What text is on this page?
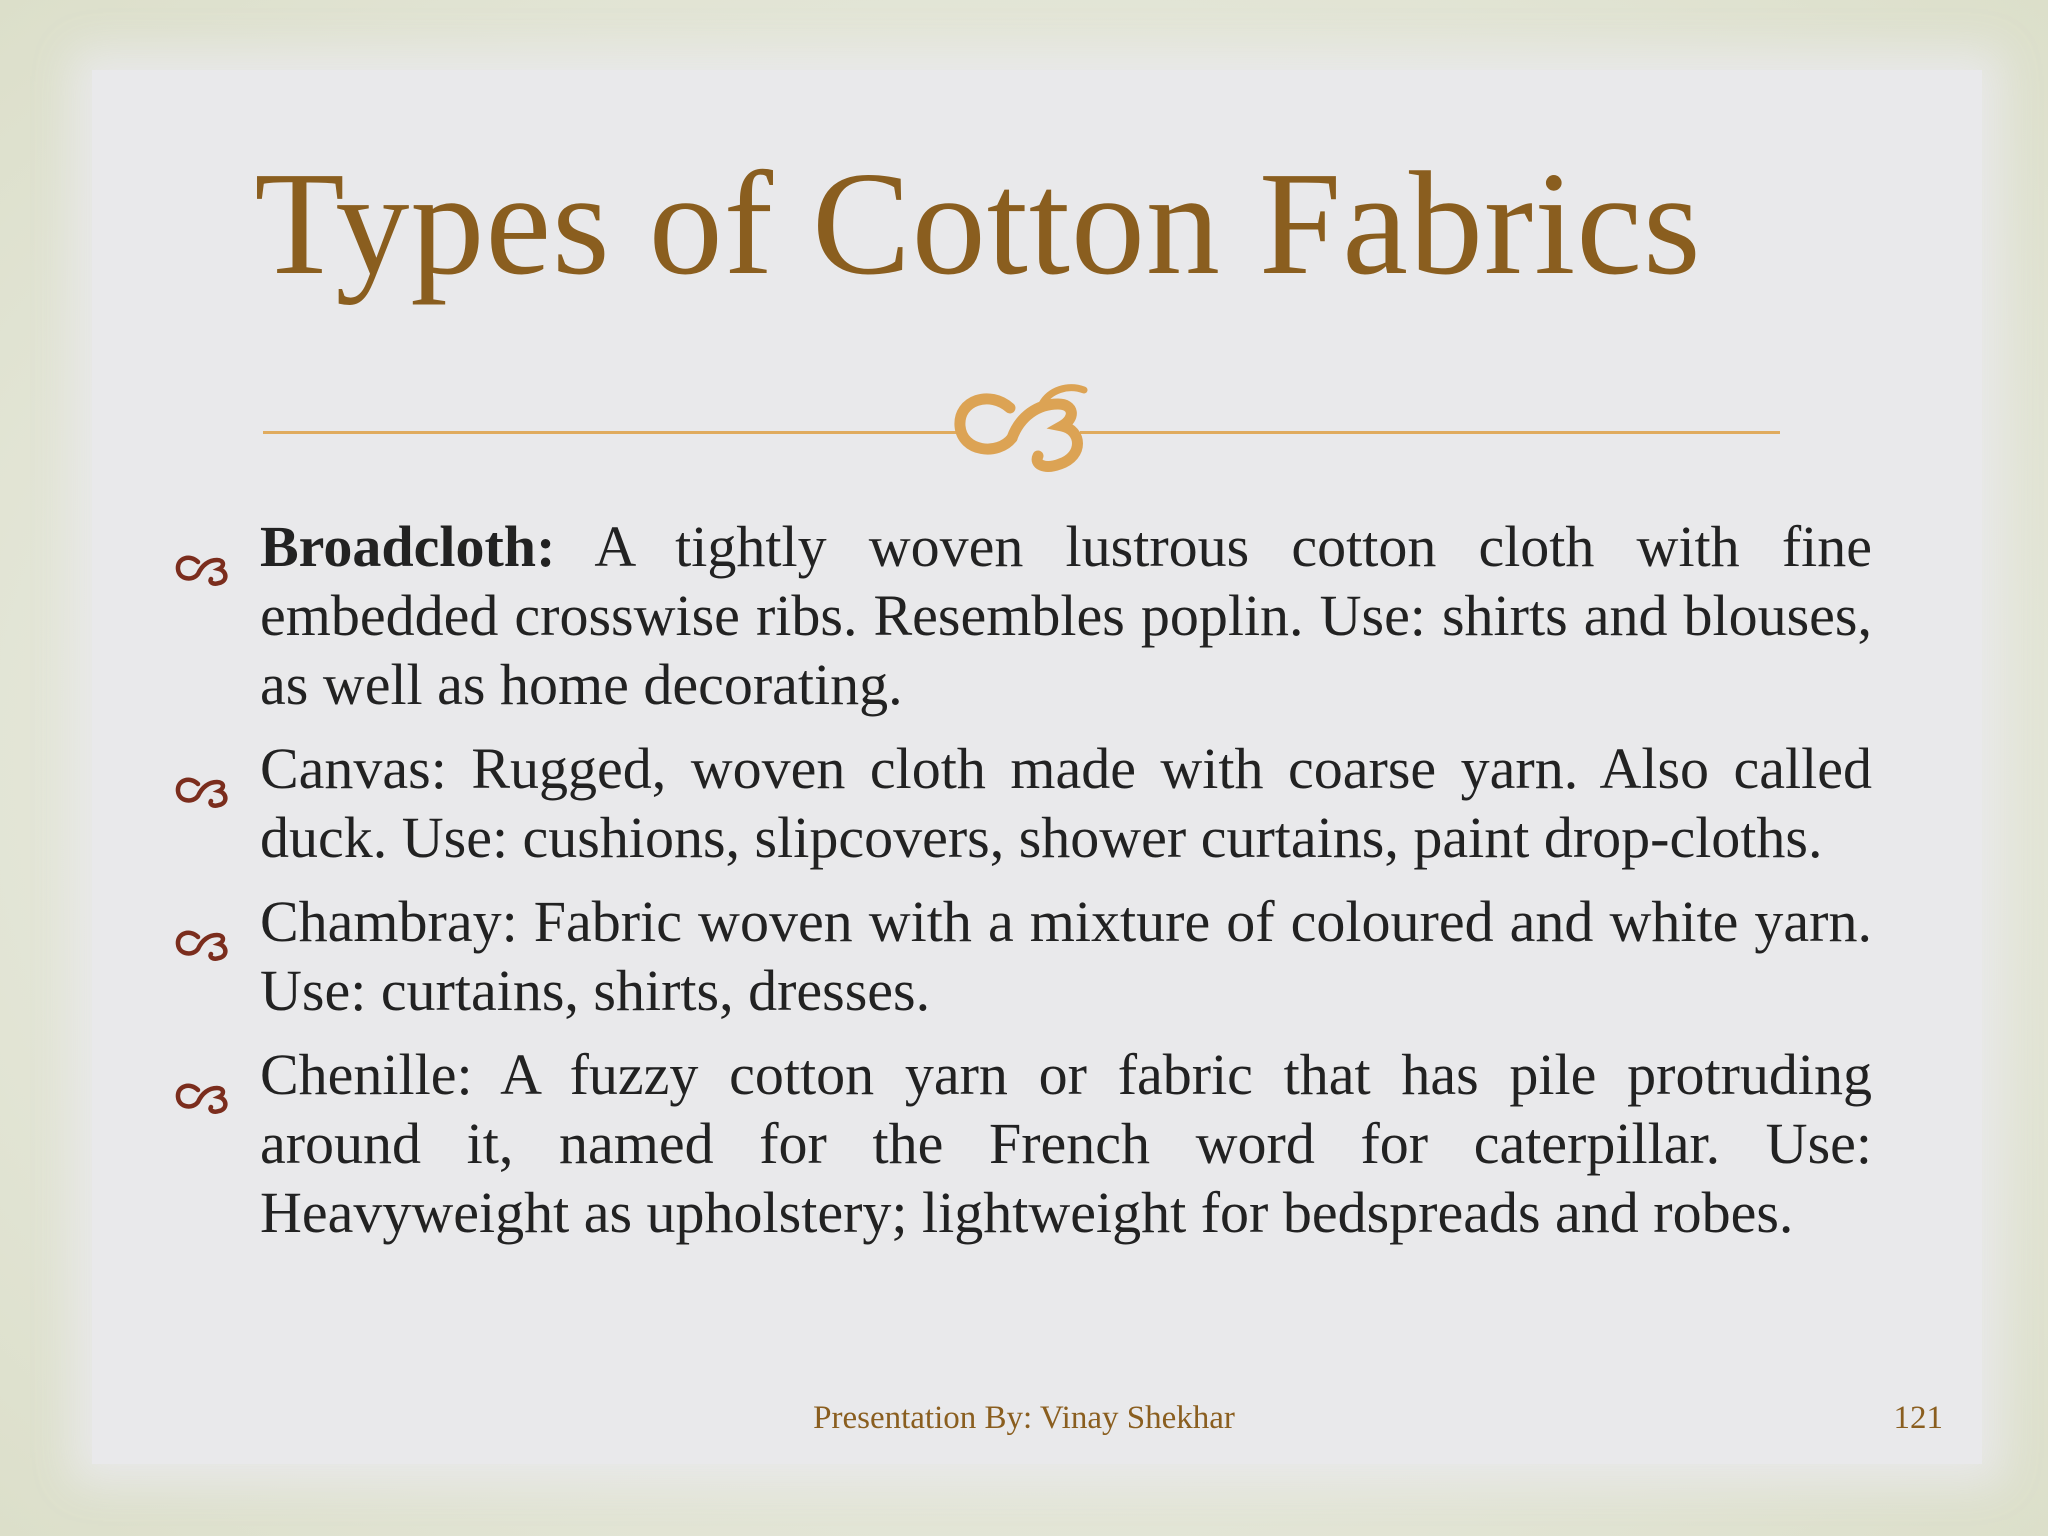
Types of Cotton Fabrics
Broadcloth: A tightly woven lustrous cotton cloth with fine embedded crosswise ribs. Resembles poplin. Use: shirts and blouses, as well as home decorating.
Canvas: Rugged, woven cloth made with coarse yarn. Also called duck. Use: cushions, slipcovers, shower curtains, paint drop-cloths.
Chambray: Fabric woven with a mixture of coloured and white yarn. Use: curtains, shirts, dresses.
Chenille: A fuzzy cotton yarn or fabric that has pile protruding around it, named for the French word for caterpillar. Use: Heavyweight as upholstery; lightweight for bedspreads and robes.
Presentation By: Vinay Shekhar	121
